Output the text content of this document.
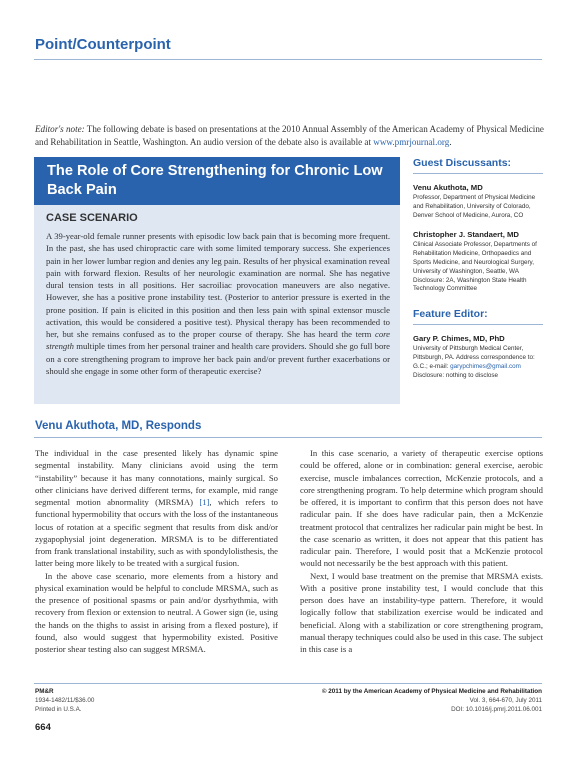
Point/Counterpoint
Editor's note: The following debate is based on presentations at the 2010 Annual Assembly of the American Academy of Physical Medicine and Rehabilitation in Seattle, Washington. An audio version of the debate also is available at www.pmrjournal.org.
The Role of Core Strengthening for Chronic Low Back Pain
CASE SCENARIO
A 39-year-old female runner presents with episodic low back pain that is becoming more frequent. In the past, she has used chiropractic care with some limited temporary success. She experiences pain in her lower lumbar region and denies any leg pain. Results of her physical examination reveal pain with forward flexion. Results of her neurologic examination are normal. She has negative dural tension tests in all positions. Her sacroiliac provocation maneuvers are also negative. However, she has a positive prone instability test. (Posterior to anterior pressure is exerted in the prone position. If pain is elicited in this position and then less pain with spinal extensor muscle activation, this would be considered a positive test). Physical therapy has been recommended to her, but she remains confused as to the proper course of therapy. She has heard the term core strength multiple times from her personal trainer and health care providers. Should she go full bore on a core strengthening program to improve her back pain and/or prevent further exacerbations or should she engage in some other form of therapeutic exercise?
Guest Discussants:
Venu Akuthota, MD
Professor, Department of Physical Medicine and Rehabilitation, University of Colorado, Denver School of Medicine, Aurora, CO
Christopher J. Standaert, MD
Clinical Associate Professor, Departments of Rehabilitation Medicine, Orthopaedics and Sports Medicine, and Neurological Surgery, University of Washington, Seattle, WA Disclosure: 2A, Washington State Health Technology Committee
Feature Editor:
Gary P. Chimes, MD, PhD
University of Pittsburgh Medical Center, Pittsburgh, PA. Address correspondence to: G.C.; e-mail: garypchimes@gmail.com
Disclosure: nothing to disclose
Venu Akuthota, MD, Responds

The individual in the case presented likely has dynamic spine segmental instability. Many clinicians avoid using the term “instability” because it has many connotations, mainly surgical. So other clinicians have derived different terms, for example, mid range segmental motion abnormality (MRSMA) [1], which refers to functional hypermobility that occurs with the loss of the instantaneous locus of rotation at a specific segment that results from disk and/or zygapophysial joint degeneration. MRSMA is to be differentiated from frank translational instability, such as with spondylolisthesis, the latter being more likely to be treated with a surgical fusion.

In the above case scenario, more elements from a history and physical examination would be helpful to conclude MRSMA, such as the presence of positional spasms or pain and/or dysrhythmia, with recovery from flexion or extension to neutral. A Gower sign (ie, using the hands on the thighs to assist in arising from a flexed posture), if found, also would suggest that hypermobility existed. Positive posterior shear testing also can suggest MRSMA.

In this case scenario, a variety of therapeutic exercise options could be offered, alone or in combination: general exercise, aerobic exercise, muscle imbalances correction, McKenzie protocols, and a core strengthening program. To help determine which program should be offered, it is important to confirm that this person does not have radicular pain. If she does have radicular pain, then a McKenzie treatment protocol that centralizes her radicular pain might be best. In the case scenario as written, it does not appear that this patient has radicular pain. Therefore, I would posit that a McKenzie protocol would not necessarily be the best approach with this patient.

Next, I would base treatment on the premise that MRSMA exists. With a positive prone instability test, I would conclude that this person does have an instability-type pattern. Therefore, it would logically follow that stabilization exercise would be indicated and beneficial. Along with a stabilization or core strengthening program, manual therapy techniques could also be used in this case. The subject in this case is a

PM&R
1934-1482/11/$36.00
Printed in U.S.A.
© 2011 by the American Academy of Physical Medicine and Rehabilitation
Vol. 3, 664-670, July 2011
DOI: 10.1016/j.pmrj.2011.06.001
664
